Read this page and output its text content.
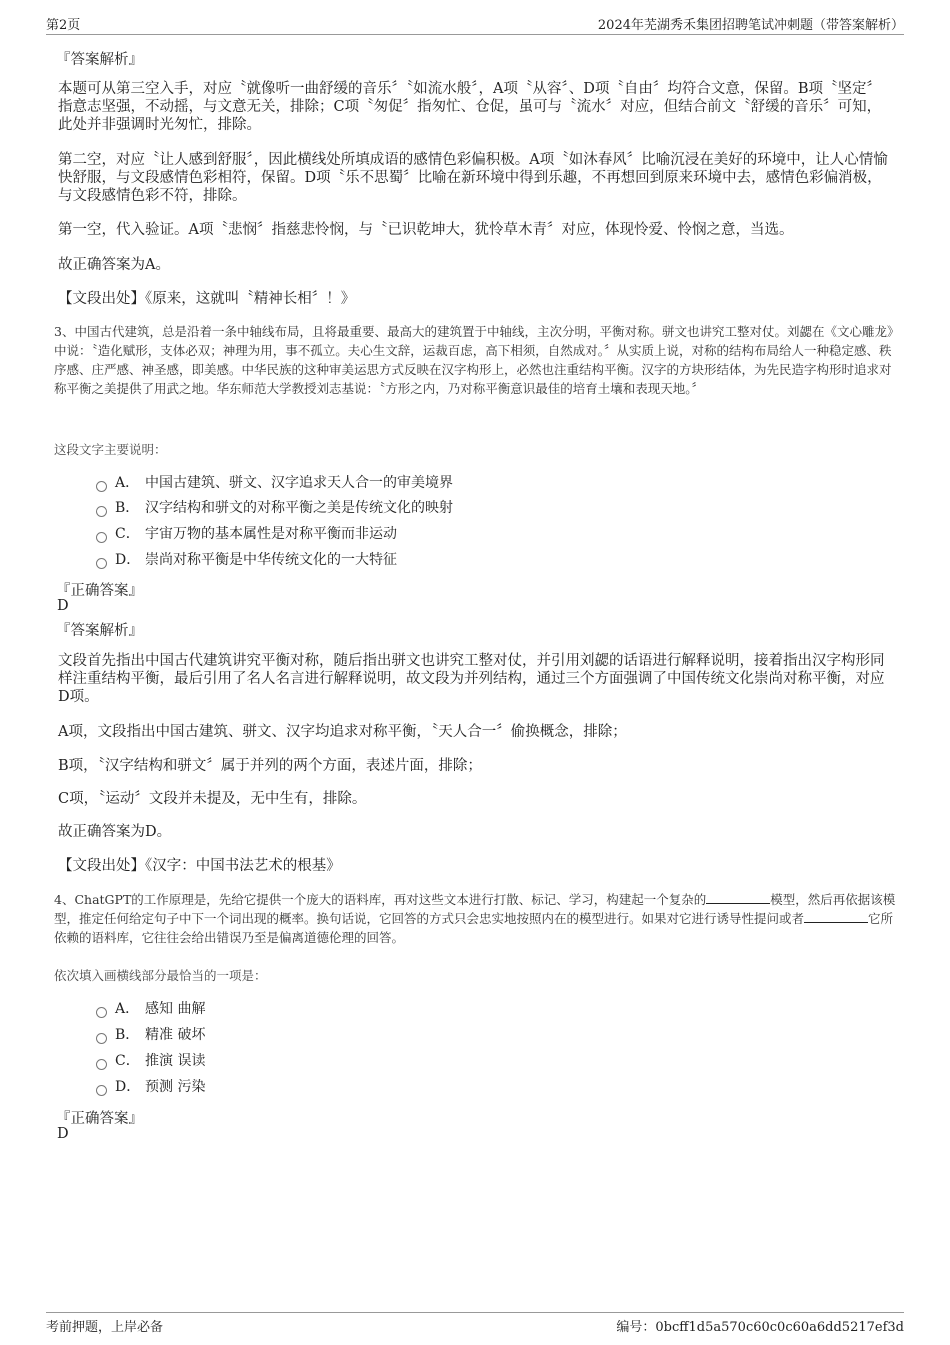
第2页	2024年芜湖秀禾集团招聘笔试冲刺题（带答案解析）
『答案解析』

本题可从第三空入手，对应〝就像听一曲舒缓的音乐〞〝如流水般〞，A项〝从容〞、D项〝自由〞均符合文意，保留。B项〝坚定〞指意志坚强，不动摇，与文意无关，排除；C项〝匆促〞指匆忙、仓促，虽可与〝流水〞对应，但结合前文〝舒缓的音乐〞可知，此处并非强调时光匆忙，排除。

第二空，对应〝让人感到舒服〞，因此横线处所填成语的感情色彩偏积极。A项〝如沐春风〞比喻沉浸在美好的环境中，让人心情愉快舒服，与文段感情色彩相符，保留。D项〝乐不思蜀〞比喻在新环境中得到乐趣，不再想回到原来环境中去，感情色彩偏消极，与文段感情色彩不符，排除。

第一空，代入验证。A项〝悲悯〞指慈悲怜悯，与〝已识乾坤大，犹怜草木青〞对应，体现怜爱、怜悯之意，当选。

故正确答案为A。

【文段出处】《原来，这就叫〝精神长相〞！》

3、中国古代建筑，总是沿着一条中轴线布局，且将最重要、最高大的建筑置于中轴线，主次分明，平衡对称。骈文也讲究工整对仗。刘勰在《文心雕龙》中说：〝造化赋形，支体必双；神理为用，事不孤立。夫心生文辞，运裁百虑，高下相须，自然成对。〞从实质上说，对称的结构布局给人一种稳定感、秩序感、庄严感、神圣感，即美感。中华民族的这种审美运思方式反映在汉字构形上，必然也注重结构平衡。汉字的方块形结体，为先民造字构形时追求对称平衡之美提供了用武之地。华东师范大学教授刘志基说：〝方形之内，乃对称平衡意识最佳的培育土壤和表现天地。〞

这段文字主要说明：

A． 中国古建筑、骈文、汉字追求天人合一的审美境界
B． 汉字结构和骈文的对称平衡之美是传统文化的映射
C． 宇宙万物的基本属性是对称平衡而非运动
D． 崇尚对称平衡是中华传统文化的一大特征
『正确答案』
D
『答案解析』

文段首先指出中国古代建筑讲究平衡对称，随后指出骈文也讲究工整对仗，并引用刘勰的话语进行解释说明，接着指出汉字构形同样注重结构平衡，最后引用了名人名言进行解释说明，故文段为并列结构，通过三个方面强调了中国传统文化崇尚对称平衡，对应D项。

A项，文段指出中国古建筑、骈文、汉字均追求对称平衡，〝天人合一〞偷换概念，排除；

B项，〝汉字结构和骈文〞属于并列的两个方面，表述片面，排除；

C项，〝运动〞文段并未提及，无中生有，排除。

故正确答案为D。

【文段出处】《汉字：中国书法艺术的根基》

4、ChatGPT的工作原理是，先给它提供一个庞大的语料库，再对这些文本进行打散、标记、学习，构建起一个复杂的	模型，然后再依据该模型，推定任何给定句子中下一个词出现的概率。换句话说，它回答的方式只会忠实地按照内在的模型进行。如果对它进行诱导性提问或者	它所依赖的语料库，它往往会给出错误乃至是偏离道德伦理的回答。

依次填入画横线部分最恰当的一项是：

A． 感知 曲解
B． 精准 破坏
C． 推演 误读
D． 预测 污染
『正确答案』
D
考前押题，上岸必备	编号：0bcff1d5a570c60c0c60a6dd5217ef3d
